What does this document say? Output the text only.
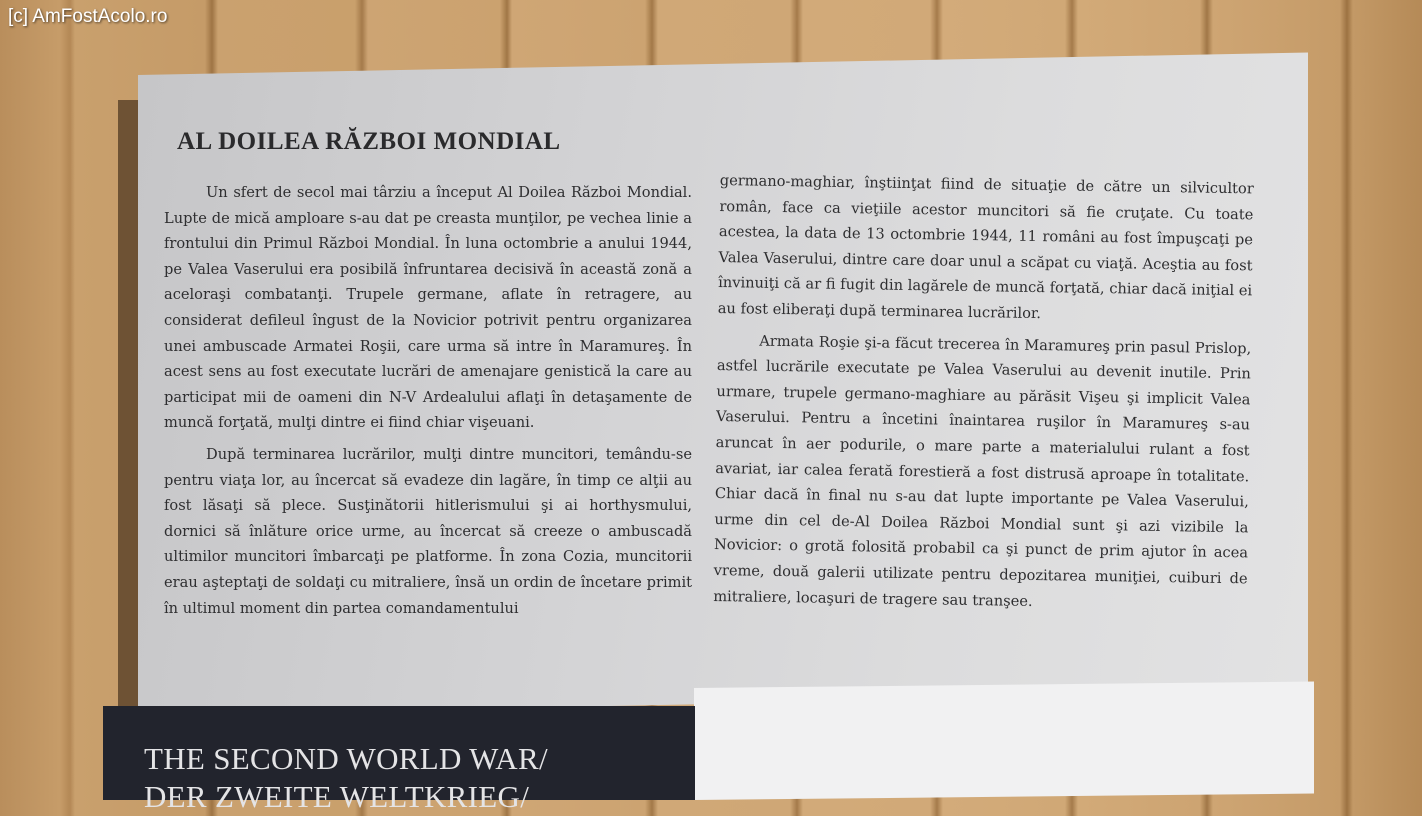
[c] AmFostAcolo.ro
AL DOILEA RĂZBOI MONDIAL

Un sfert de secol mai târziu a început Al Doilea Război Mondial. Lupte de mică amploare s-au dat pe creasta munţilor, pe vechea linie a frontului din Primul Război Mondial. În luna octombrie a anului 1944, pe Valea Vaserului era posibilă înfruntarea decisivă în această zonă a aceloraşi combatanţi. Trupele germane, aflate în retragere, au considerat defileul îngust de la Novicior potrivit pentru organizarea unei ambuscade Armatei Roşii, care urma să intre în Maramureş. În acest sens au fost executate lucrări de amenajare genistică la care au participat mii de oameni din N-V Ardealului aflaţi în detaşamente de muncă forţată, mulţi dintre ei fiind chiar vişeuani.

După terminarea lucrărilor, mulţi dintre muncitori, temându-se pentru viaţa lor, au încercat să evadeze din lagăre, în timp ce alţii au fost lăsaţi să plece. Susţinătorii hitlerismului şi ai horthysmului, dornici să înlăture orice urme, au încercat să creeze o ambuscadă ultimilor muncitori îmbarcaţi pe platforme. În zona Cozia, muncitorii erau aşteptaţi de soldaţi cu mitraliere, însă un ordin de încetare primit în ultimul moment din partea comandamentului

germano-maghiar, înştiinţat fiind de situaţie de către un silvicultor român, face ca vieţiile acestor muncitori să fie cruţate. Cu toate acestea, la data de 13 octombrie 1944, 11 români au fost împuşcaţi pe Valea Vaserului, dintre care doar unul a scăpat cu viaţă. Aceştia au fost învinuiţi că ar fi fugit din lagărele de muncă forţată, chiar dacă iniţial ei au fost eliberaţi după terminarea lucrărilor.

Armata Roşie şi-a făcut trecerea în Maramureş prin pasul Prislop, astfel lucrările executate pe Valea Vaserului au devenit inutile. Prin urmare, trupele germano-maghiare au părăsit Vişeu şi implicit Valea Vaserului. Pentru a încetini înaintarea ruşilor în Maramureş s-au aruncat în aer podurile, o mare parte a materialului rulant a fost avariat, iar calea ferată forestieră a fost distrusă aproape în totalitate. Chiar dacă în final nu s-au dat lupte importante pe Valea Vaserului, urme din cel de-Al Doilea Război Mondial sunt şi azi vizibile la Novicior: o grotă folosită probabil ca şi punct de prim ajutor în acea vreme, două galerii utilizate pentru depozitarea muniţiei, cuiburi de mitraliere, locaşuri de tragere sau tranşee.

THE SECOND WORLD WAR/
DER ZWEITE WELTKRIEG/
